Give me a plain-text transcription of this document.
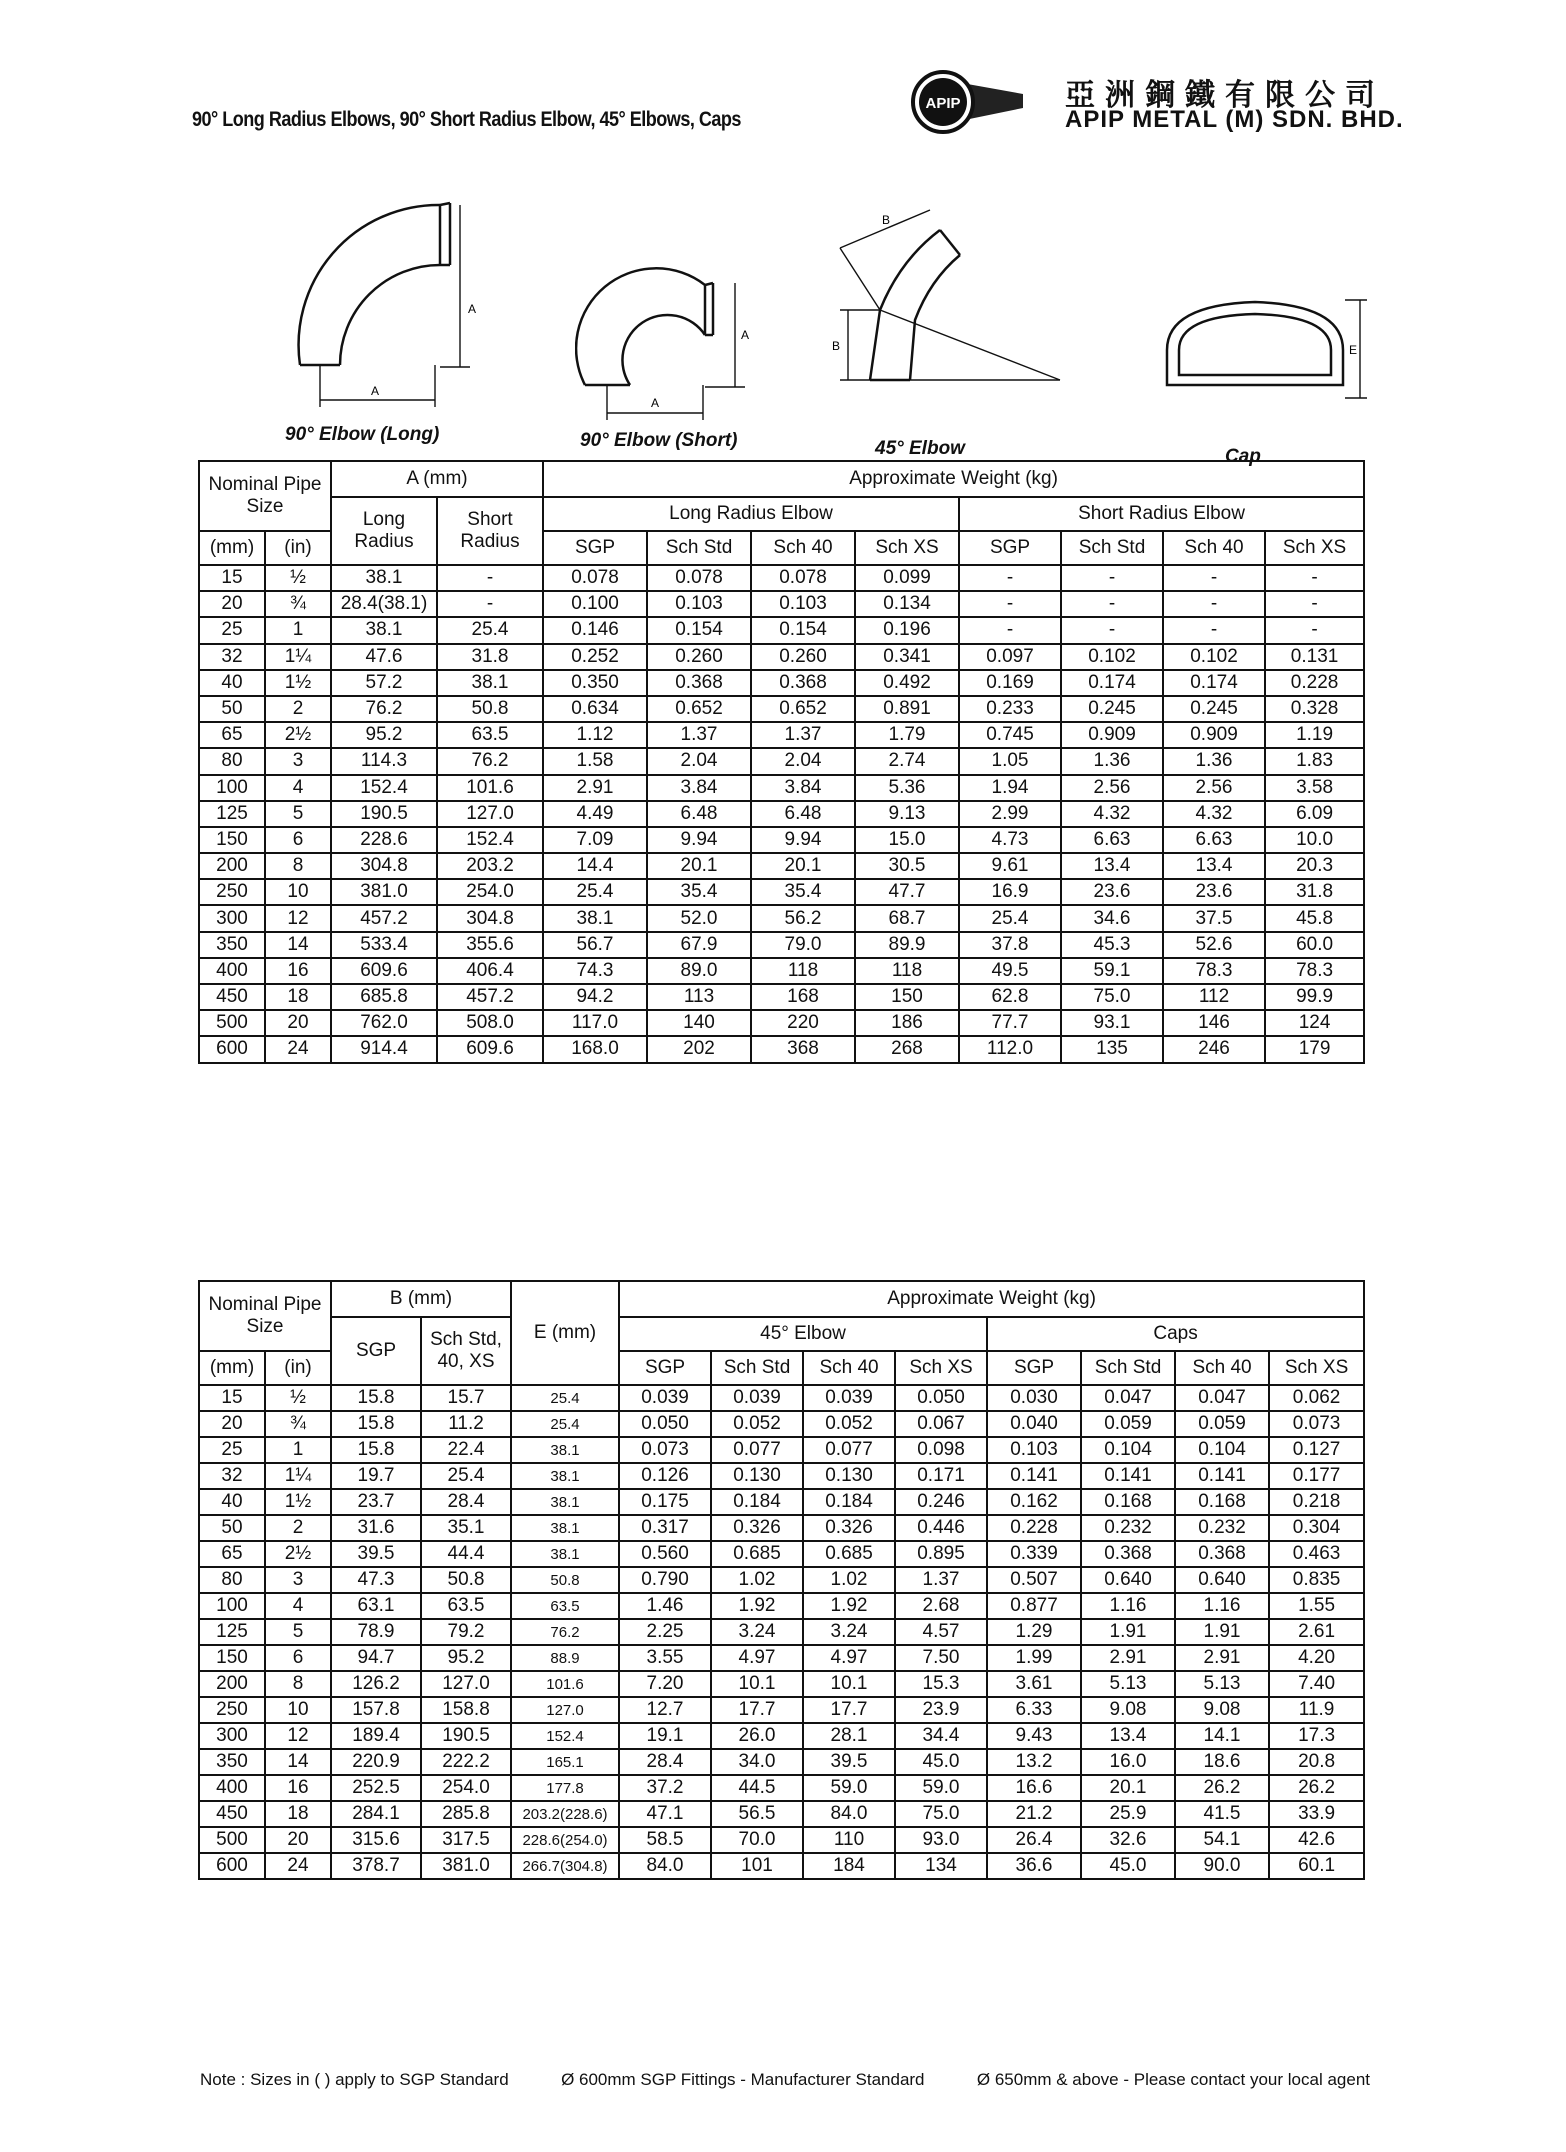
90° Long Radius Elbows, 90° Short Radius Elbow, 45° Elbows, Caps
APIP	亞洲鋼鐵有限公司
APIP METAL (M) SDN. BHD.
A
A
90° Elbow (Long)
A
A
90° Elbow (Short)
B
B
45° Elbow
E
Cap
Nominal Pipe Size		A (mm)		Approximate Weight (kg)							
		Long Radius	Short Radius	Long Radius Elbow				Short Radius Elbow			
(mm)	(in)			SGP	Sch Std	Sch 40	Sch XS	SGP	Sch Std	Sch 40	Sch XS
15	½	38.1	-	0.078	0.078	0.078	0.099	-	-	-	-
20	¾	28.4(38.1)	-	0.100	0.103	0.103	0.134	-	-	-	-
25	1	38.1	25.4	0.146	0.154	0.154	0.196	-	-	-	-
32	1¼	47.6	31.8	0.252	0.260	0.260	0.341	0.097	0.102	0.102	0.131
40	1½	57.2	38.1	0.350	0.368	0.368	0.492	0.169	0.174	0.174	0.228
50	2	76.2	50.8	0.634	0.652	0.652	0.891	0.233	0.245	0.245	0.328
65	2½	95.2	63.5	1.12	1.37	1.37	1.79	0.745	0.909	0.909	1.19
80	3	114.3	76.2	1.58	2.04	2.04	2.74	1.05	1.36	1.36	1.83
100	4	152.4	101.6	2.91	3.84	3.84	5.36	1.94	2.56	2.56	3.58
125	5	190.5	127.0	4.49	6.48	6.48	9.13	2.99	4.32	4.32	6.09
150	6	228.6	152.4	7.09	9.94	9.94	15.0	4.73	6.63	6.63	10.0
200	8	304.8	203.2	14.4	20.1	20.1	30.5	9.61	13.4	13.4	20.3
250	10	381.0	254.0	25.4	35.4	35.4	47.7	16.9	23.6	23.6	31.8
300	12	457.2	304.8	38.1	52.0	56.2	68.7	25.4	34.6	37.5	45.8
350	14	533.4	355.6	56.7	67.9	79.0	89.9	37.8	45.3	52.6	60.0
400	16	609.6	406.4	74.3	89.0	118	118	49.5	59.1	78.3	78.3
450	18	685.8	457.2	94.2	113	168	150	62.8	75.0	112	99.9
500	20	762.0	508.0	117.0	140	220	186	77.7	93.1	146	124
600	24	914.4	609.6	168.0	202	368	268	112.0	135	246	179
Nominal Pipe Size		B (mm)		E (mm)	Approximate Weight (kg)							
		SGP	Sch Std, 40, XS		45° Elbow				Caps			
(mm)	(in)				SGP	Sch Std	Sch 40	Sch XS	SGP	Sch Std	Sch 40	Sch XS
15	½	15.8	15.7	25.4	0.039	0.039	0.039	0.050	0.030	0.047	0.047	0.062
20	¾	15.8	11.2	25.4	0.050	0.052	0.052	0.067	0.040	0.059	0.059	0.073
25	1	15.8	22.4	38.1	0.073	0.077	0.077	0.098	0.103	0.104	0.104	0.127
32	1¼	19.7	25.4	38.1	0.126	0.130	0.130	0.171	0.141	0.141	0.141	0.177
40	1½	23.7	28.4	38.1	0.175	0.184	0.184	0.246	0.162	0.168	0.168	0.218
50	2	31.6	35.1	38.1	0.317	0.326	0.326	0.446	0.228	0.232	0.232	0.304
65	2½	39.5	44.4	38.1	0.560	0.685	0.685	0.895	0.339	0.368	0.368	0.463
80	3	47.3	50.8	50.8	0.790	1.02	1.02	1.37	0.507	0.640	0.640	0.835
100	4	63.1	63.5	63.5	1.46	1.92	1.92	2.68	0.877	1.16	1.16	1.55
125	5	78.9	79.2	76.2	2.25	3.24	3.24	4.57	1.29	1.91	1.91	2.61
150	6	94.7	95.2	88.9	3.55	4.97	4.97	7.50	1.99	2.91	2.91	4.20
200	8	126.2	127.0	101.6	7.20	10.1	10.1	15.3	3.61	5.13	5.13	7.40
250	10	157.8	158.8	127.0	12.7	17.7	17.7	23.9	6.33	9.08	9.08	11.9
300	12	189.4	190.5	152.4	19.1	26.0	28.1	34.4	9.43	13.4	14.1	17.3
350	14	220.9	222.2	165.1	28.4	34.0	39.5	45.0	13.2	16.0	18.6	20.8
400	16	252.5	254.0	177.8	37.2	44.5	59.0	59.0	16.6	20.1	26.2	26.2
450	18	284.1	285.8	203.2(228.6)	47.1	56.5	84.0	75.0	21.2	25.9	41.5	33.9
500	20	315.6	317.5	228.6(254.0)	58.5	70.0	110	93.0	26.4	32.6	54.1	42.6
600	24	378.7	381.0	266.7(304.8)	84.0	101	184	134	36.6	45.0	90.0	60.1
Note : Sizes in ( ) apply to SGP Standard	Ø 600mm SGP Fittings - Manufacturer Standard	Ø 650mm & above - Please contact your local agent
